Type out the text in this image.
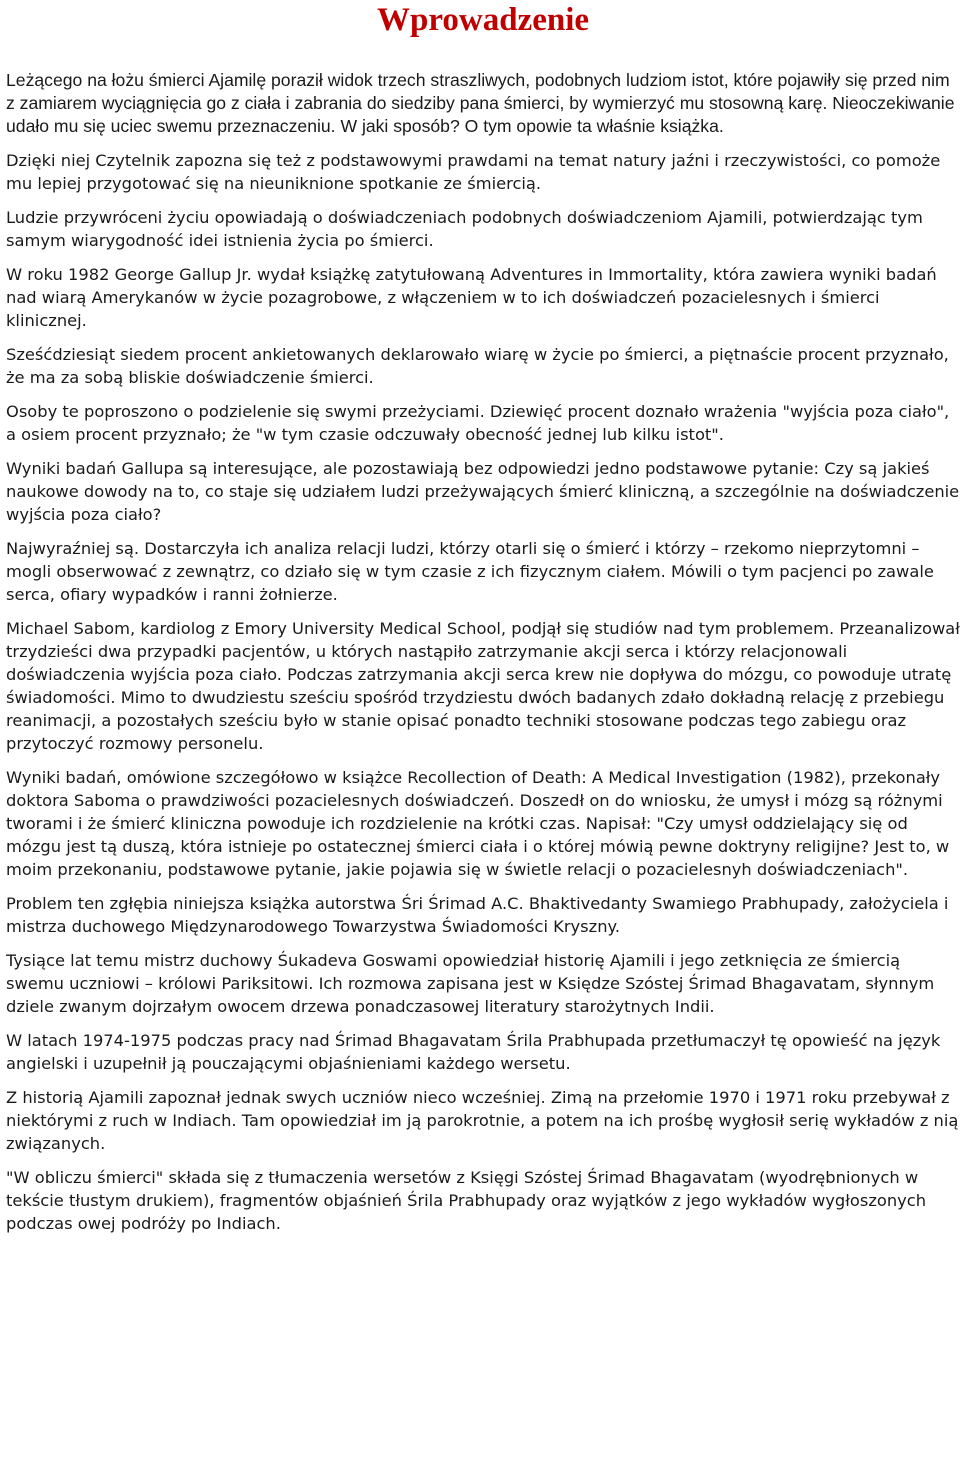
Wprowadzenie

Leżącego na łożu śmierci Ajamilę poraził widok trzech straszliwych, podobnych ludziom istot, które pojawiły się przed nim z zamiarem wyciągnięcia go z ciała i zabrania do siedziby pana śmierci, by wymierzyć mu stosowną karę. Nieoczekiwanie udało mu się uciec swemu przeznaczeniu. W jaki sposób? O tym opowie ta właśnie książka.

Dzięki niej Czytelnik zapozna się też z podstawowymi prawdami na temat natury jaźni i rzeczywistości, co pomoże mu lepiej przygotować się na nieuniknione spotkanie ze śmiercią.

Ludzie przywróceni życiu opowiadają o doświadczeniach podobnych doświadczeniom Ajamili, potwierdzając tym samym wiarygodność idei istnienia życia po śmierci.

W roku 1982 George Gallup Jr. wydał książkę zatytułowaną Adventures in Immortality, która zawiera wyniki badań nad wiarą Amerykanów w życie pozagrobowe, z włączeniem w to ich doświadczeń pozacielesnych i śmierci klinicznej.

Sześćdziesiąt siedem procent ankietowanych deklarowało wiarę w życie po śmierci, a piętnaście procent przyznało, że ma za sobą bliskie doświadczenie śmierci.

Osoby te poproszono o podzielenie się swymi przeżyciami. Dziewięć procent doznało wrażenia "wyjścia poza ciało", a osiem procent przyznało; że "w tym czasie odczuwały obecność jednej lub kilku istot".

Wyniki badań Gallupa są interesujące, ale pozostawiają bez odpowiedzi jedno podstawowe pytanie: Czy są jakieś naukowe dowody na to, co staje się udziałem ludzi przeżywających śmierć kliniczną, a szczególnie na doświadczenie wyjścia poza ciało?

Najwyraźniej są. Dostarczyła ich analiza relacji ludzi, którzy otarli się o śmierć i którzy – rzekomo nieprzytomni – mogli obserwować z zewnątrz, co działo się w tym czasie z ich fizycznym ciałem. Mówili o tym pacjenci po zawale serca, ofiary wypadków i ranni żołnierze.

Michael Sabom, kardiolog z Emory University Medical School, podjął się studiów nad tym problemem. Przeanalizował trzydzieści dwa przypadki pacjentów, u których nastąpiło zatrzymanie akcji serca i którzy relacjonowali doświadczenia wyjścia poza ciało. Podczas zatrzymania akcji serca krew nie dopływa do mózgu, co powoduje utratę świadomości. Mimo to dwudziestu sześciu spośród trzydziestu dwóch badanych zdało dokładną relację z przebiegu reanimacji, a pozostałych sześciu było w stanie opisać ponadto techniki stosowane podczas tego zabiegu oraz przytoczyć rozmowy personelu.

Wyniki badań, omówione szczegółowo w książce Recollection of Death: A Medical Investigation (1982), przekonały doktora Saboma o prawdziwości pozacielesnych doświadczeń. Doszedł on do wniosku, że umysł i mózg są różnymi tworami i że śmierć kliniczna powoduje ich rozdzielenie na krótki czas. Napisał: "Czy umysł oddzielający się od mózgu jest tą duszą, która istnieje po ostatecznej śmierci ciała i o której mówią pewne doktryny religijne? Jest to, w moim przekonaniu, podstawowe pytanie, jakie pojawia się w świetle relacji o pozacielesnyh doświadczeniach".

Problem ten zgłębia niniejsza książka autorstwa Śri Śrimad A.C. Bhaktivedanty Swamiego Prabhupady, założyciela i mistrza duchowego Międzynarodowego Towarzystwa Świadomości Kryszny.

Tysiące lat temu mistrz duchowy Śukadeva Goswami opowiedział historię Ajamili i jego zetknięcia ze śmiercią swemu uczniowi – królowi Pariksitowi. Ich rozmowa zapisana jest w Księdze Szóstej Śrimad Bhagavatam, słynnym dziele zwanym dojrzałym owocem drzewa ponadczasowej literatury starożytnych Indii.

W latach 1974-1975 podczas pracy nad Śrimad Bhagavatam Śrila Prabhupada przetłumaczył tę opowieść na język angielski i uzupełnił ją pouczającymi objaśnieniami każdego wersetu.

Z historią Ajamili zapoznał jednak swych uczniów nieco wcześniej. Zimą na przełomie 1970 i 1971 roku przebywał z niektórymi z ruch w Indiach. Tam opowiedział im ją parokrotnie, a potem na ich prośbę wygłosił serię wykładów z nią związanych.

"W obliczu śmierci" składa się z tłumaczenia wersetów z Księgi Szóstej Śrimad Bhagavatam (wyodrębnionych w tekście tłustym drukiem), fragmentów objaśnień Śrila Prabhupady oraz wyjątków z jego wykładów wygłoszonych podczas owej podróży po Indiach.
